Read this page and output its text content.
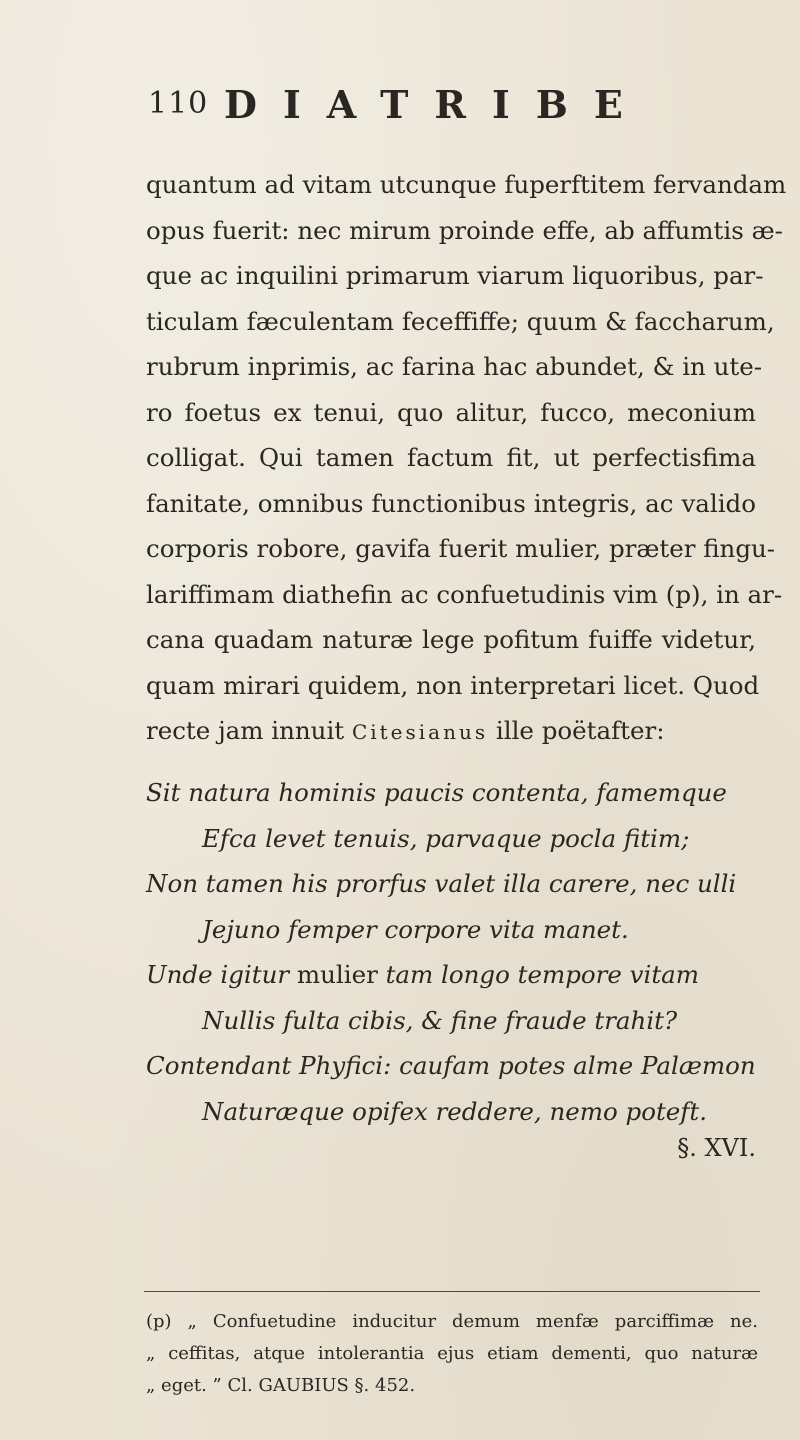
110 DIATRIBE

quantum ad vitam utcunque fuperftitem fervandam

opus fuerit: nec mirum proinde effe, ab affumtis æ-

que ac inquilini primarum viarum liquoribus, par-

ticulam fæculentam feceffiffe; quum & faccharum,

rubrum inprimis, ac farina hac abundet, & in ute-

ro foetus ex tenui, quo alitur, fucco, meconium

colligat. Qui tamen factum fit, ut perfectisfima

fanitate, omnibus functionibus integris, ac valido

corporis robore, gavifa fuerit mulier, præter fingu-

lariffimam diathefin ac confuetudinis vim (p), in ar-

cana quadam naturæ lege pofitum fuiffe videtur,

quam mirari quidem, non interpretari licet. Quod

recte jam innuit Citesianus ille poëtafter:

Sit natura hominis paucis contenta, famemque

Efca levet tenuis, parvaque pocla fitim;

Non tamen his prorfus valet illa carere, nec ulli

Jejuno femper corpore vita manet.

Unde igitur mulier tam longo tempore vitam

Nullis fulta cibis, & fine fraude trahit?

Contendant Phyfici: caufam potes alme Palæmon

Naturæque opifex reddere, nemo poteft.

§. XVI.

(p) „ Confuetudine inducitur demum menfæ parciffimæ ne.

„ ceffitas, atque intolerantia ejus etiam dementi, quo naturæ

„ eget. ” Cl. GAUBIUS §. 452.
